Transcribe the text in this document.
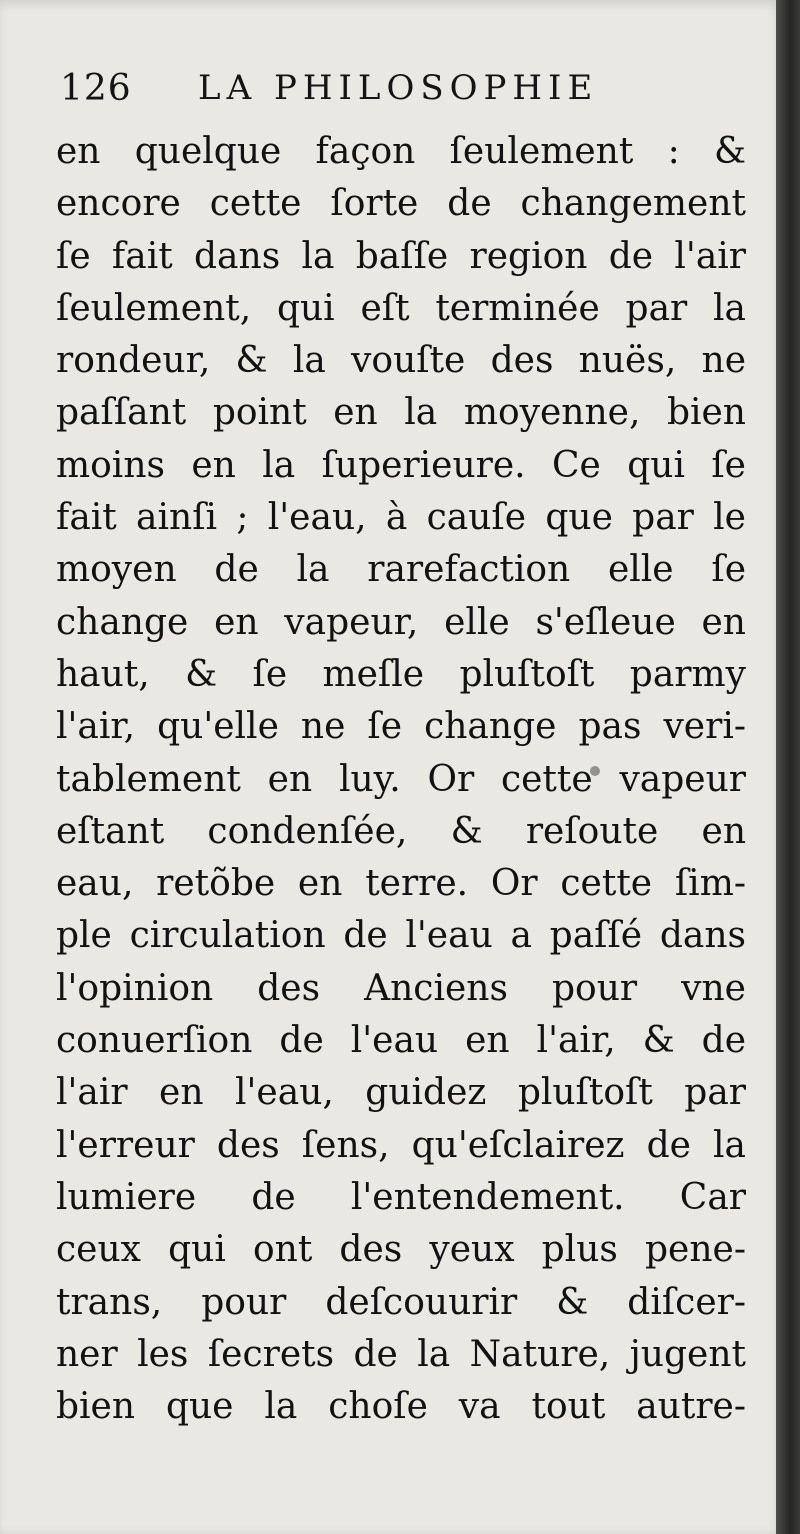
126 LA PHILOSOPHIE
en quelque façon ſeulement : &
encore cette ſorte de changement
ſe fait dans la baſſe region de l'air
ſeulement, qui eſt terminée par la
rondeur, & la vouſte des nuës, ne
paſſant point en la moyenne, bien
moins en la ſuperieure. Ce qui ſe
fait ainſi ; l'eau, à cauſe que par le
moyen de la rarefaction elle ſe
change en vapeur, elle s'eſleue en
haut, & ſe meſle pluſtoſt parmy
l'air, qu'elle ne ſe change pas veri-
tablement en luy. Or cette vapeur
eſtant condenſée, & reſoute en
eau, retõbe en terre. Or cette ſim-
ple circulation de l'eau a paſſé dans
l'opinion des Anciens pour vne
conuerſion de l'eau en l'air, & de
l'air en l'eau, guidez pluſtoſt par
l'erreur des ſens, qu'eſclairez de la
lumiere de l'entendement. Car
ceux qui ont des yeux plus pene-
trans, pour deſcouurir & diſcer-
ner les ſecrets de la Nature, jugent
bien que la choſe va tout autre-
